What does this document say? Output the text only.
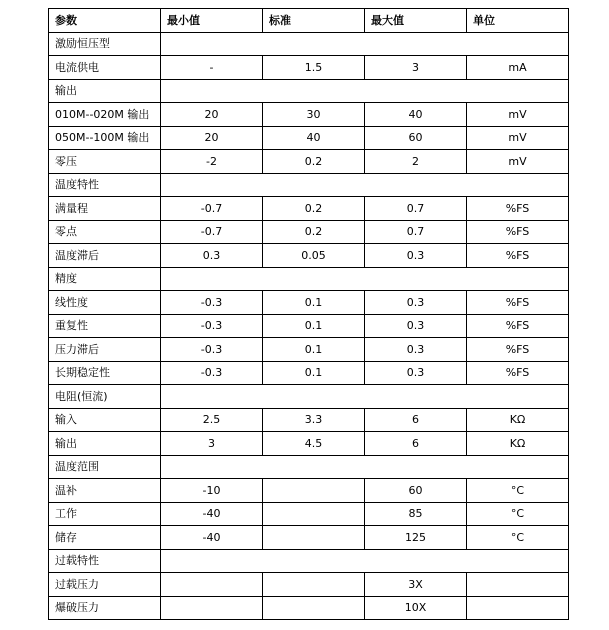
参数	最小值	标准	最大值	单位
激励恒压型				
电流供电	-	1.5	3	mA
输出				
010M--020M 输出	20	30	40	mV
050M--100M 输出	20	40	60	mV
零压	-2	0.2	2	mV
温度特性				
满量程	-0.7	0.2	0.7	%FS
零点	-0.7	0.2	0.7	%FS
温度滞后	0.3	0.05	0.3	%FS
精度				
线性度	-0.3	0.1	0.3	%FS
重复性	-0.3	0.1	0.3	%FS
压力滞后	-0.3	0.1	0.3	%FS
长期稳定性	-0.3	0.1	0.3	%FS
电阻(恒流)				
输入	2.5	3.3	6	KΩ
输出	3	4.5	6	KΩ
温度范围				
温补	-10		60	°C
工作	-40		85	°C
储存	-40		125	°C
过载特性				
过载压力			3X	
爆破压力			10X	
